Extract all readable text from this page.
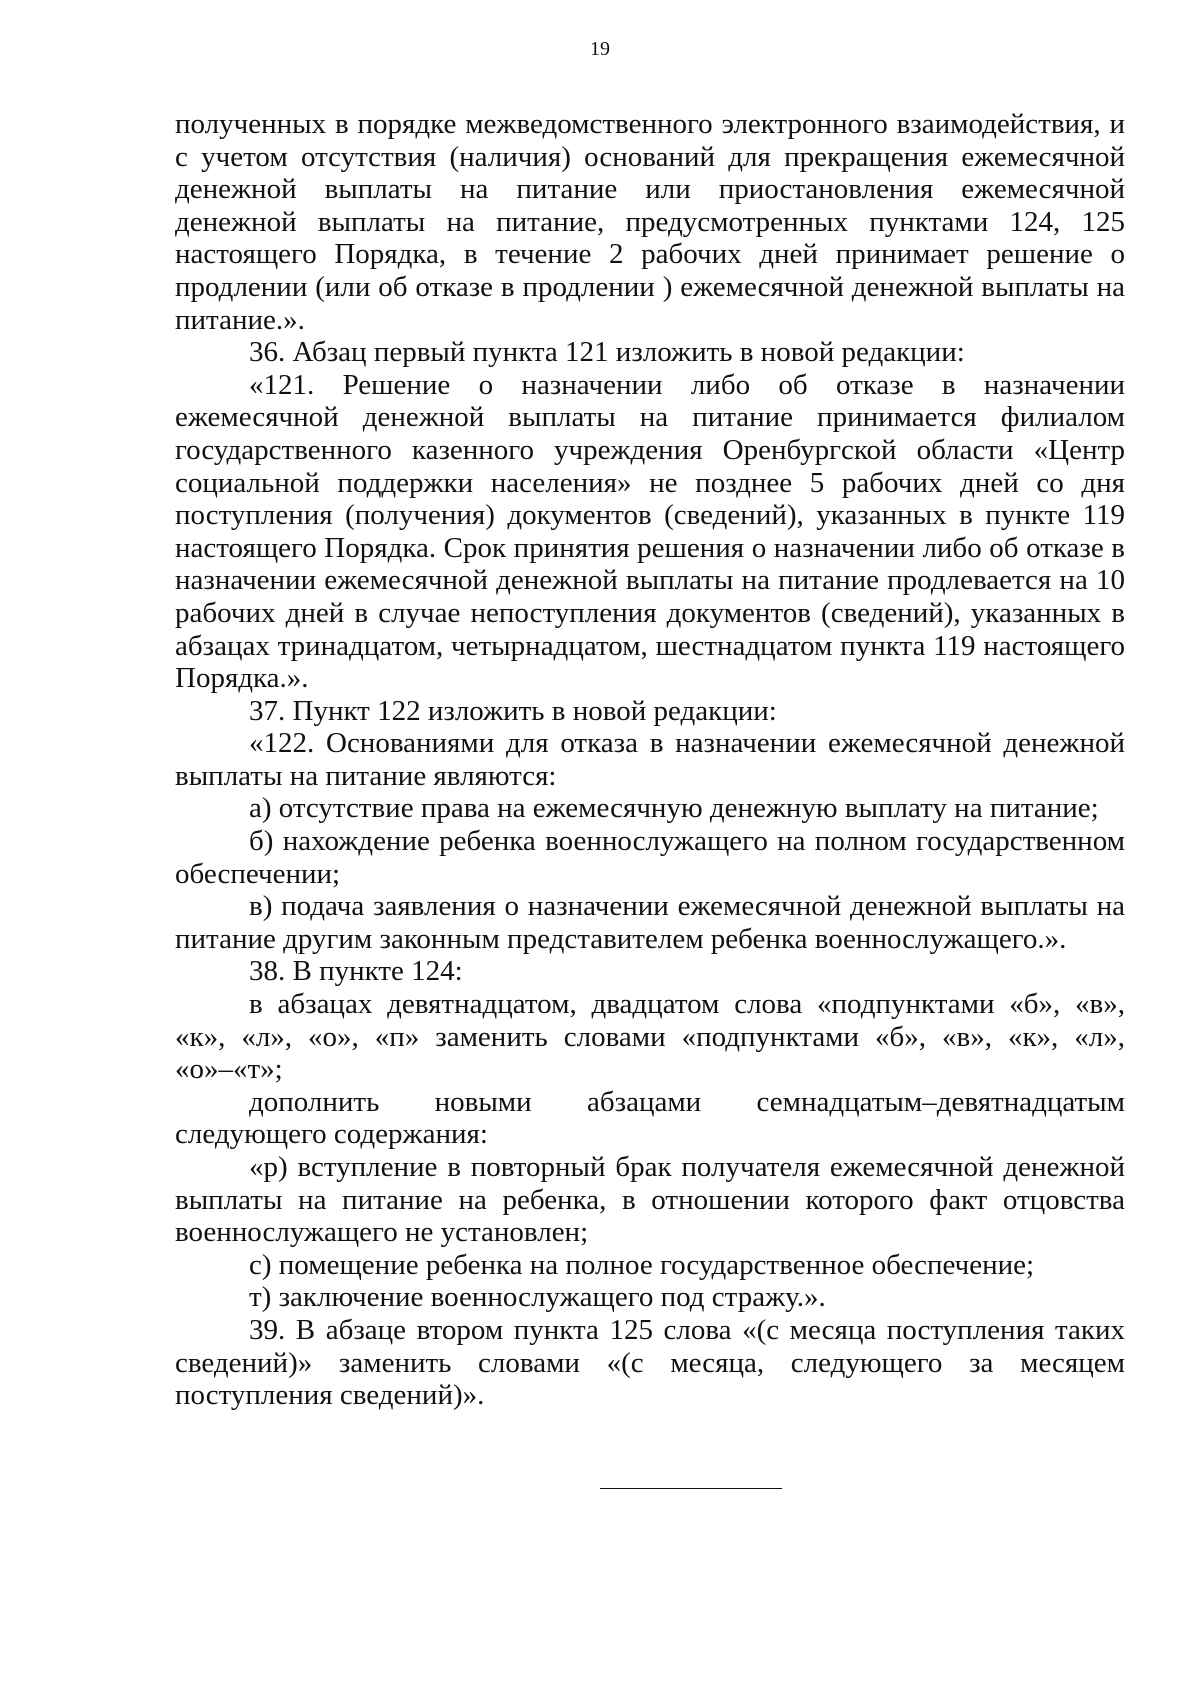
19

полученных в порядке межведомственного электронного взаимодействия, и с учетом отсутствия (наличия) оснований для прекращения ежемесячной денежной выплаты на питание или приостановления ежемесячной денежной выплаты на питание, предусмотренных пунктами 124, 125 настоящего Порядка, в течение 2 рабочих дней принимает решение о продлении (или об отказе в продлении ) ежемесячной денежной выплаты на питание.».

36. Абзац первый пункта 121 изложить в новой редакции:

«121. Решение о назначении либо об отказе в назначении ежемесячной денежной выплаты на питание принимается филиалом государственного казенного учреждения Оренбургской области «Центр социальной поддержки населения» не позднее 5 рабочих дней со дня поступления (получения) документов (сведений), указанных в пункте 119 настоящего Порядка. Срок принятия решения о назначении либо об отказе в назначении ежемесячной денежной выплаты на питание продлевается на 10 рабочих дней в случае непоступления документов (сведений), указанных в абзацах тринадцатом, четырнадцатом, шестнадцатом пункта 119 настоящего Порядка.».

37. Пункт 122 изложить в новой редакции:

«122. Основаниями для отказа в назначении ежемесячной денежной выплаты на питание являются:

а) отсутствие права на ежемесячную денежную выплату на питание;

б) нахождение ребенка военнослужащего на полном государственном обеспечении;

в) подача заявления о назначении ежемесячной денежной выплаты на питание другим законным представителем ребенка военнослужащего.».

38. В пункте 124:

в абзацах девятнадцатом, двадцатом слова «подпунктами «б», «в», «к», «л», «о», «п» заменить словами «подпунктами «б», «в», «к», «л», «о»–«т»;

дополнить новыми абзацами семнадцатым–девятнадцатым следующего содержания:

«р) вступление в повторный брак получателя ежемесячной денежной выплаты на питание на ребенка, в отношении которого факт отцовства военнослужащего не установлен;

с) помещение ребенка на полное государственное обеспечение;

т) заключение военнослужащего под стражу.».

39. В абзаце втором пункта 125 слова «(с месяца поступления таких сведений)» заменить словами «(с месяца, следующего за месяцем поступления сведений)».
